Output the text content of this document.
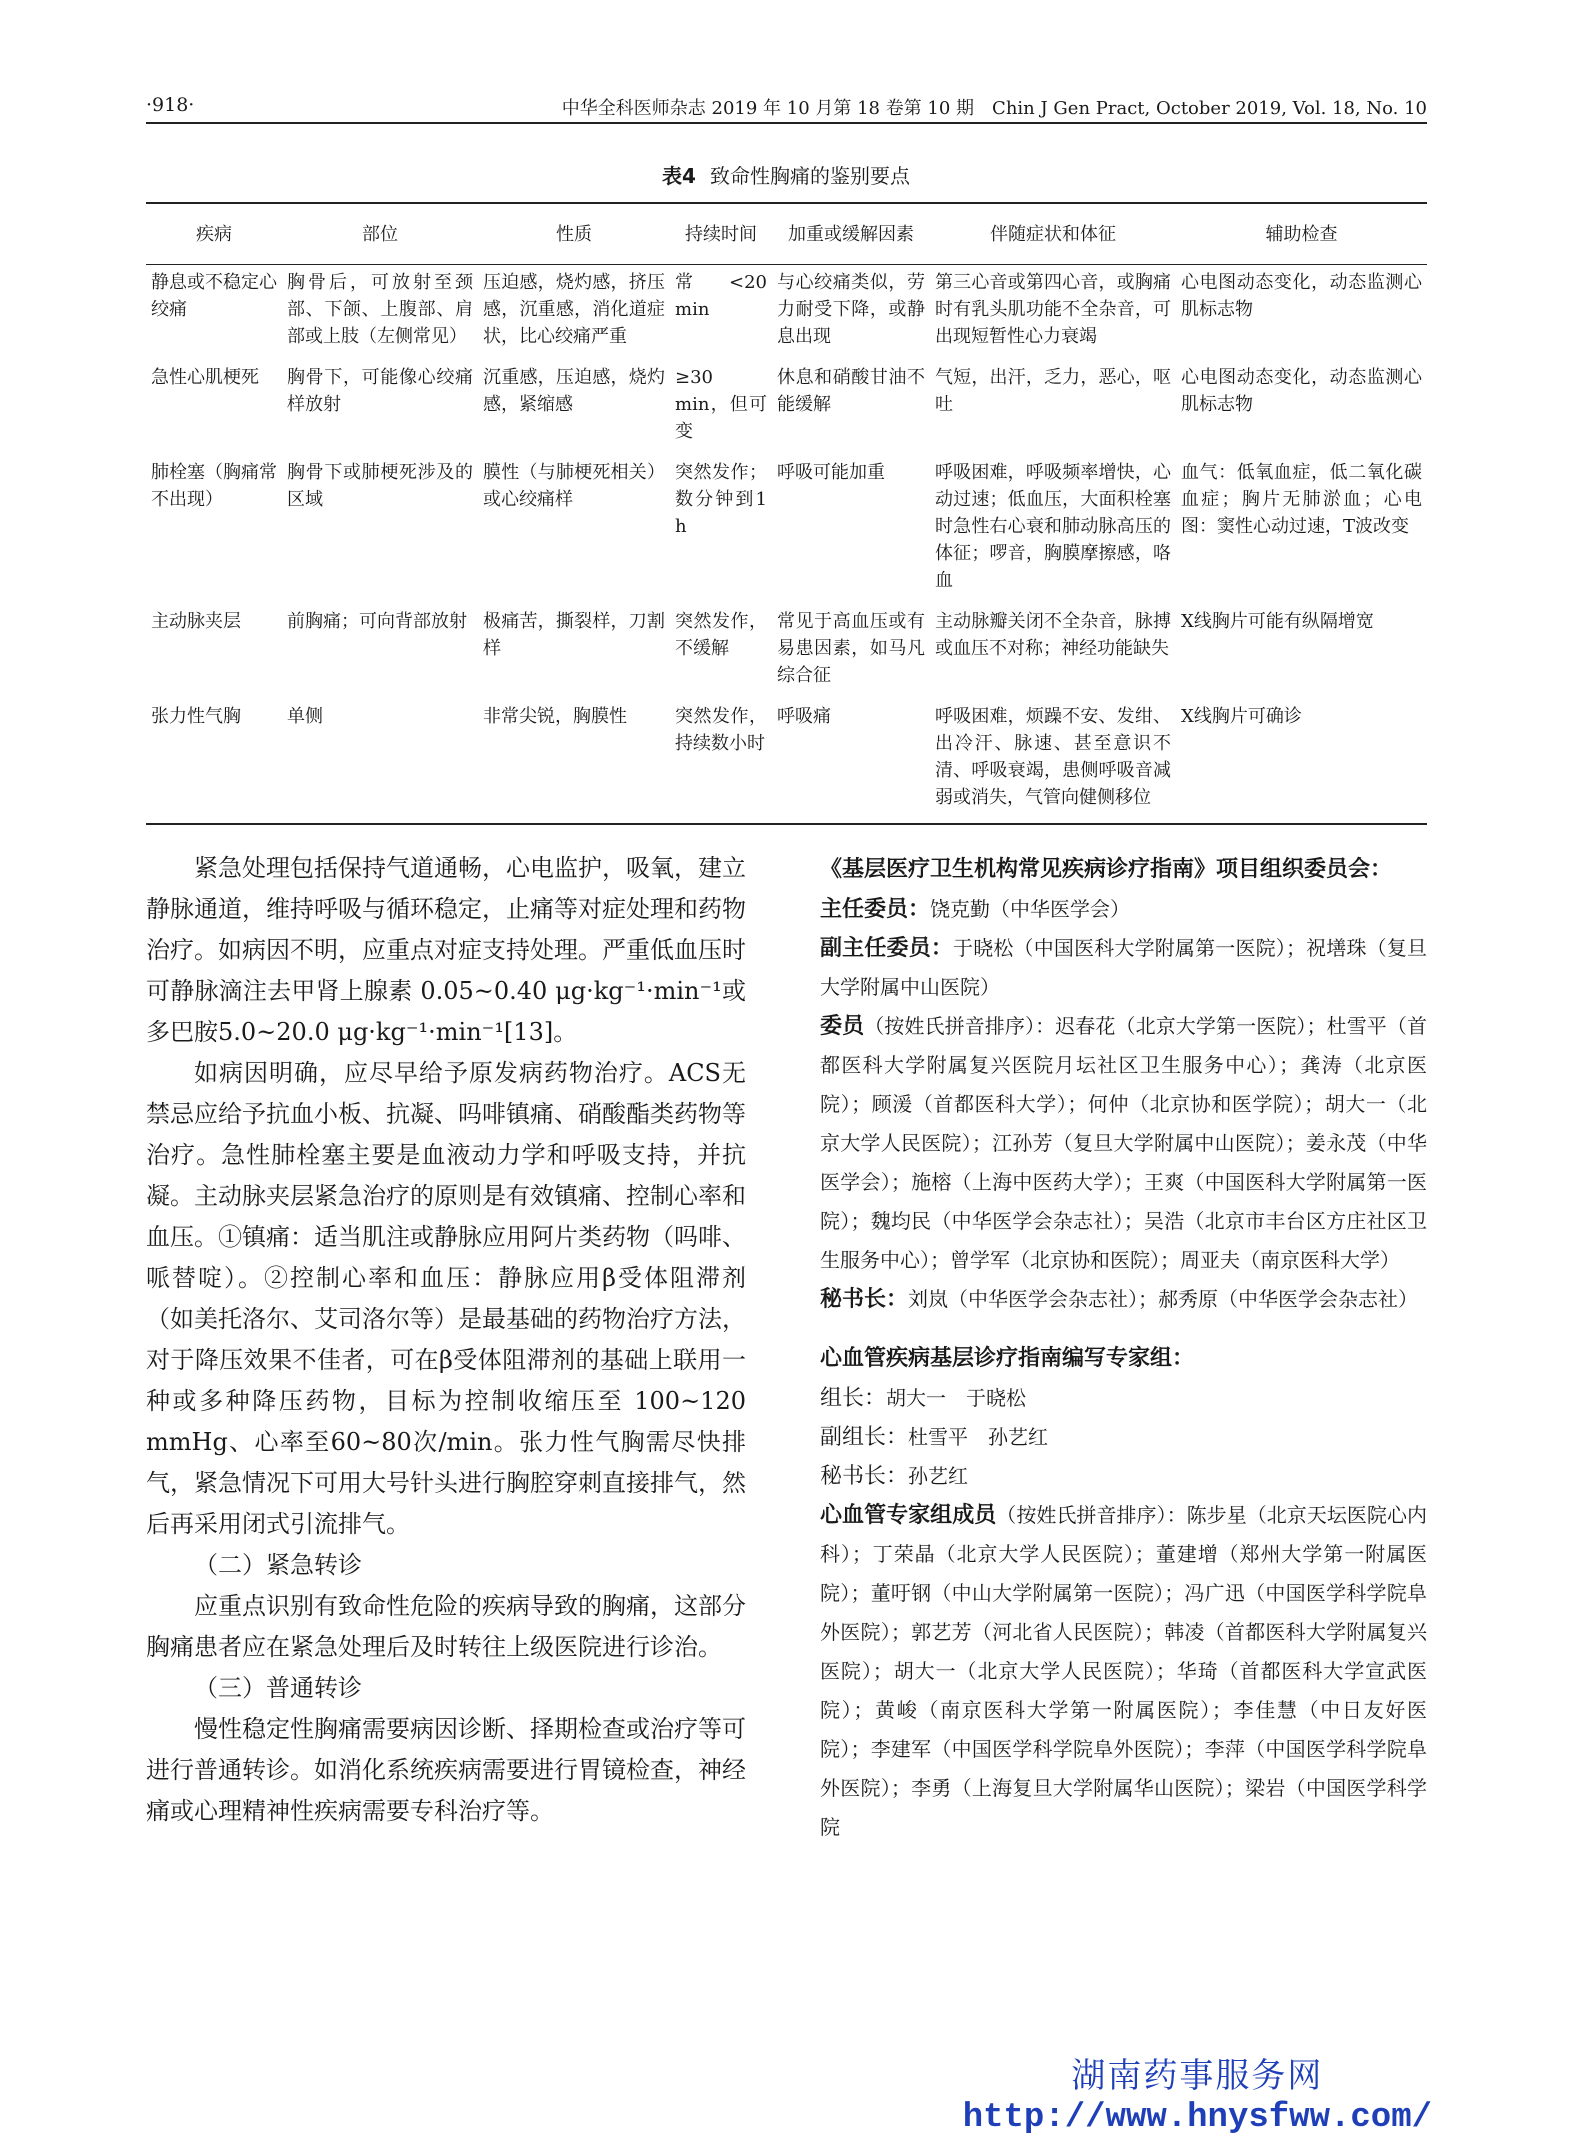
·918·	中华全科医师杂志 2019 年 10 月第 18 卷第 10 期　Chin J Gen Pract, October 2019, Vol. 18, No. 10
表4 致命性胸痛的鉴别要点
疾病	部位	性质	持续时间	加重或缓解因素	伴随症状和体征	辅助检查
静息或不稳定心绞痛	胸骨后，可放射至颈部、下颌、上腹部、肩部或上肢（左侧常见）	压迫感，烧灼感，挤压感，沉重感，消化道症状，比心绞痛严重	常<20 min	与心绞痛类似，劳力耐受下降，或静息出现	第三心音或第四心音，或胸痛时有乳头肌功能不全杂音，可出现短暂性心力衰竭	心电图动态变化，动态监测心肌标志物
急性心肌梗死	胸骨下，可能像心绞痛样放射	沉重感，压迫感，烧灼感，紧缩感	≥30 min，但可变	休息和硝酸甘油不能缓解	气短，出汗，乏力，恶心，呕吐	心电图动态变化，动态监测心肌标志物
肺栓塞（胸痛常不出现）	胸骨下或肺梗死涉及的区域	膜性（与肺梗死相关）或心绞痛样	突然发作；数分钟到1 h	呼吸可能加重	呼吸困难，呼吸频率增快，心动过速；低血压，大面积栓塞时急性右心衰和肺动脉高压的体征；啰音，胸膜摩擦感，咯血	血气：低氧血症，低二氧化碳血症；胸片无肺淤血；心电图：窦性心动过速，T波改变
主动脉夹层	前胸痛；可向背部放射	极痛苦，撕裂样，刀割样	突然发作，不缓解	常见于高血压或有易患因素，如马凡综合征	主动脉瓣关闭不全杂音，脉搏或血压不对称；神经功能缺失	X线胸片可能有纵隔增宽
张力性气胸	单侧	非常尖锐，胸膜性	突然发作，持续数小时	呼吸痛	呼吸困难，烦躁不安、发绀、出冷汗、脉速、甚至意识不清、呼吸衰竭，患侧呼吸音减弱或消失，气管向健侧移位	X线胸片可确诊

紧急处理包括保持气道通畅，心电监护，吸氧，建立静脉通道，维持呼吸与循环稳定，止痛等对症处理和药物治疗。如病因不明，应重点对症支持处理。严重低血压时可静脉滴注去甲肾上腺素 0.05~0.40 μg·kg⁻¹·min⁻¹或多巴胺5.0~20.0 μg·kg⁻¹·min⁻¹[13]。

如病因明确，应尽早给予原发病药物治疗。ACS无禁忌应给予抗血小板、抗凝、吗啡镇痛、硝酸酯类药物等治疗。急性肺栓塞主要是血液动力学和呼吸支持，并抗凝。主动脉夹层紧急治疗的原则是有效镇痛、控制心率和血压。①镇痛：适当肌注或静脉应用阿片类药物（吗啡、哌替啶）。②控制心率和血压：静脉应用β受体阻滞剂（如美托洛尔、艾司洛尔等）是最基础的药物治疗方法，对于降压效果不佳者，可在β受体阻滞剂的基础上联用一种或多种降压药物，目标为控制收缩压至 100~120 mmHg、心率至60~80次/min。张力性气胸需尽快排气，紧急情况下可用大号针头进行胸腔穿刺直接排气，然后再采用闭式引流排气。

（二）紧急转诊

应重点识别有致命性危险的疾病导致的胸痛，这部分胸痛患者应在紧急处理后及时转往上级医院进行诊治。

（三）普通转诊

慢性稳定性胸痛需要病因诊断、择期检查或治疗等可进行普通转诊。如消化系统疾病需要进行胃镜检查，神经痛或心理精神性疾病需要专科治疗等。

《基层医疗卫生机构常见疾病诊疗指南》项目组织委员会：

主任委员：饶克勤（中华医学会）

副主任委员：于晓松（中国医科大学附属第一医院）；祝墡珠（复旦大学附属中山医院）

委员（按姓氏拼音排序）：迟春花（北京大学第一医院）；杜雪平（首都医科大学附属复兴医院月坛社区卫生服务中心）；龚涛（北京医院）；顾湲（首都医科大学）；何仲（北京协和医学院）；胡大一（北京大学人民医院）；江孙芳（复旦大学附属中山医院）；姜永茂（中华医学会）；施榕（上海中医药大学）；王爽（中国医科大学附属第一医院）；魏均民（中华医学会杂志社）；吴浩（北京市丰台区方庄社区卫生服务中心）；曾学军（北京协和医院）；周亚夫（南京医科大学）

秘书长：刘岚（中华医学会杂志社）；郝秀原（中华医学会杂志社）

心血管疾病基层诊疗指南编写专家组：

组长：胡大一　于晓松

副组长：杜雪平　孙艺红

秘书长：孙艺红

心血管专家组成员（按姓氏拼音排序）：陈步星（北京天坛医院心内科）；丁荣晶（北京大学人民医院）；董建增（郑州大学第一附属医院）；董吁钢（中山大学附属第一医院）；冯广迅（中国医学科学院阜外医院）；郭艺芳（河北省人民医院）；韩凌（首都医科大学附属复兴医院）；胡大一（北京大学人民医院）；华琦（首都医科大学宣武医院）；黄峻（南京医科大学第一附属医院）；李佳慧（中日友好医院）；李建军（中国医学科学院阜外医院）；李萍（中国医学科学院阜外医院）；李勇（上海复旦大学附属华山医院）；梁岩（中国医学科学院

湖南药事服务网
http://www.hnysfww.com/
